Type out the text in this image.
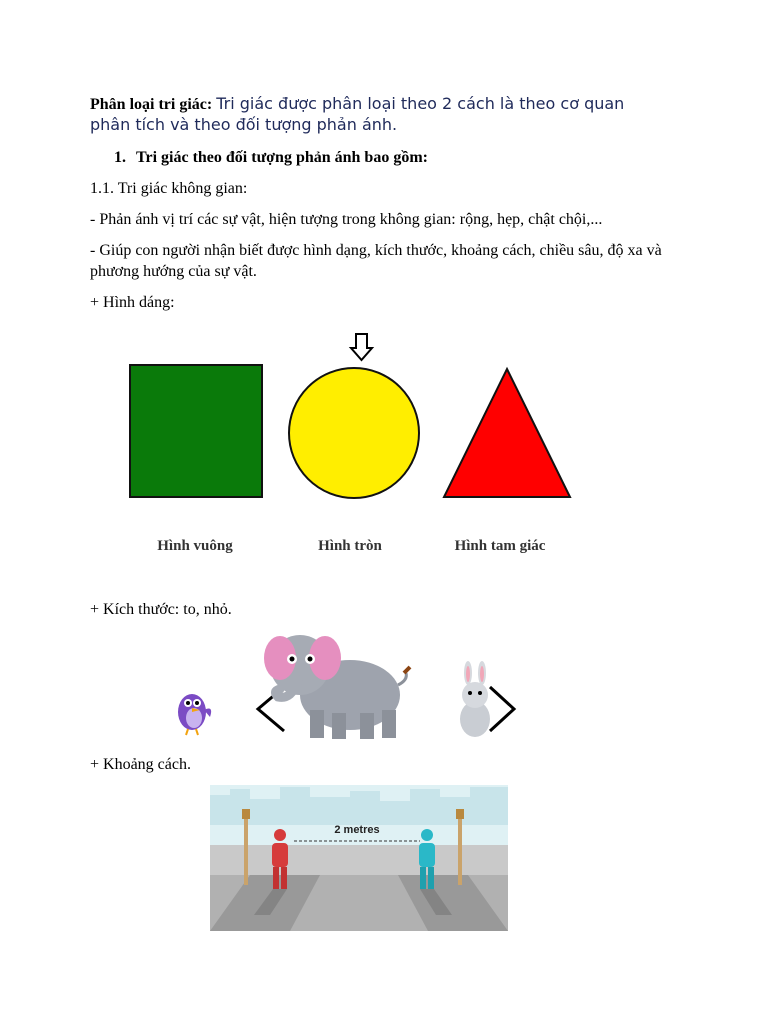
Phân loại tri giác: Tri giác được phân loại theo 2 cách là theo cơ quan
phân tích và theo đối tượng phản ánh.
1. Tri giác theo đối tượng phản ánh bao gồm:
1.1. Tri giác không gian:
- Phản ánh vị trí các sự vật, hiện tượng trong không gian: rộng, hẹp, chật chội,...
- Giúp con người nhận biết được hình dạng, kích thước, khoảng cách, chiều sâu, độ xa và
phương hướng của sự vật.
+ Hình dáng:
Hình vuông	Hình tròn	Hình tam giác
+ Kích thước: to, nhỏ.
+ Khoảng cách.
2 metres
